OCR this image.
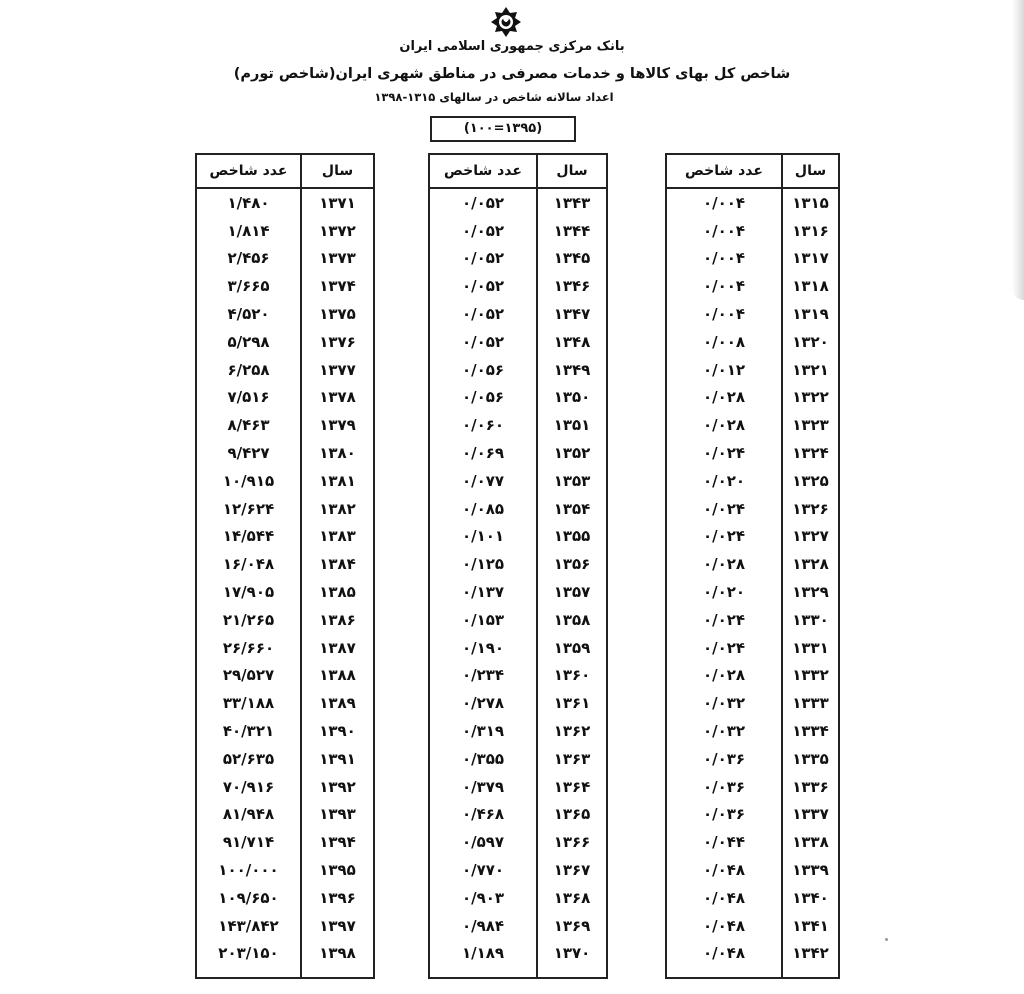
بانک مرکزی جمهوری اسلامی ایران
شاخص کل بهای کالاها و خدمات مصرفی در مناطق شهری ایران(شاخص تورم)
اعداد سالانه شاخص در سالهای ۱۳۱۵-۱۳۹۸
(۱۳۹۵=۱۰۰)
سال
عدد شاخص
۱۳۱۵
۰/۰۰۴
۱۳۱۶
۰/۰۰۴
۱۳۱۷
۰/۰۰۴
۱۳۱۸
۰/۰۰۴
۱۳۱۹
۰/۰۰۴
۱۳۲۰
۰/۰۰۸
۱۳۲۱
۰/۰۱۲
۱۳۲۲
۰/۰۲۸
۱۳۲۳
۰/۰۲۸
۱۳۲۴
۰/۰۲۴
۱۳۲۵
۰/۰۲۰
۱۳۲۶
۰/۰۲۴
۱۳۲۷
۰/۰۲۴
۱۳۲۸
۰/۰۲۸
۱۳۲۹
۰/۰۲۰
۱۳۳۰
۰/۰۲۴
۱۳۳۱
۰/۰۲۴
۱۳۳۲
۰/۰۲۸
۱۳۳۳
۰/۰۳۲
۱۳۳۴
۰/۰۳۲
۱۳۳۵
۰/۰۳۶
۱۳۳۶
۰/۰۳۶
۱۳۳۷
۰/۰۳۶
۱۳۳۸
۰/۰۴۴
۱۳۳۹
۰/۰۴۸
۱۳۴۰
۰/۰۴۸
۱۳۴۱
۰/۰۴۸
۱۳۴۲
۰/۰۴۸
سال
عدد شاخص
۱۳۴۳
۰/۰۵۲
۱۳۴۴
۰/۰۵۲
۱۳۴۵
۰/۰۵۲
۱۳۴۶
۰/۰۵۲
۱۳۴۷
۰/۰۵۲
۱۳۴۸
۰/۰۵۲
۱۳۴۹
۰/۰۵۶
۱۳۵۰
۰/۰۵۶
۱۳۵۱
۰/۰۶۰
۱۳۵۲
۰/۰۶۹
۱۳۵۳
۰/۰۷۷
۱۳۵۴
۰/۰۸۵
۱۳۵۵
۰/۱۰۱
۱۳۵۶
۰/۱۲۵
۱۳۵۷
۰/۱۳۷
۱۳۵۸
۰/۱۵۳
۱۳۵۹
۰/۱۹۰
۱۳۶۰
۰/۲۳۴
۱۳۶۱
۰/۲۷۸
۱۳۶۲
۰/۳۱۹
۱۳۶۳
۰/۳۵۵
۱۳۶۴
۰/۳۷۹
۱۳۶۵
۰/۴۶۸
۱۳۶۶
۰/۵۹۷
۱۳۶۷
۰/۷۷۰
۱۳۶۸
۰/۹۰۳
۱۳۶۹
۰/۹۸۴
۱۳۷۰
۱/۱۸۹
سال
عدد شاخص
۱۳۷۱
۱/۴۸۰
۱۳۷۲
۱/۸۱۴
۱۳۷۳
۲/۴۵۶
۱۳۷۴
۳/۶۶۵
۱۳۷۵
۴/۵۲۰
۱۳۷۶
۵/۲۹۸
۱۳۷۷
۶/۲۵۸
۱۳۷۸
۷/۵۱۶
۱۳۷۹
۸/۴۶۳
۱۳۸۰
۹/۴۲۷
۱۳۸۱
۱۰/۹۱۵
۱۳۸۲
۱۲/۶۲۴
۱۳۸۳
۱۴/۵۴۴
۱۳۸۴
۱۶/۰۴۸
۱۳۸۵
۱۷/۹۰۵
۱۳۸۶
۲۱/۲۶۵
۱۳۸۷
۲۶/۶۶۰
۱۳۸۸
۲۹/۵۲۷
۱۳۸۹
۳۳/۱۸۸
۱۳۹۰
۴۰/۳۲۱
۱۳۹۱
۵۲/۶۳۵
۱۳۹۲
۷۰/۹۱۶
۱۳۹۳
۸۱/۹۴۸
۱۳۹۴
۹۱/۷۱۴
۱۳۹۵
۱۰۰/۰۰۰
۱۳۹۶
۱۰۹/۶۵۰
۱۳۹۷
۱۴۳/۸۴۲
۱۳۹۸
۲۰۳/۱۵۰
